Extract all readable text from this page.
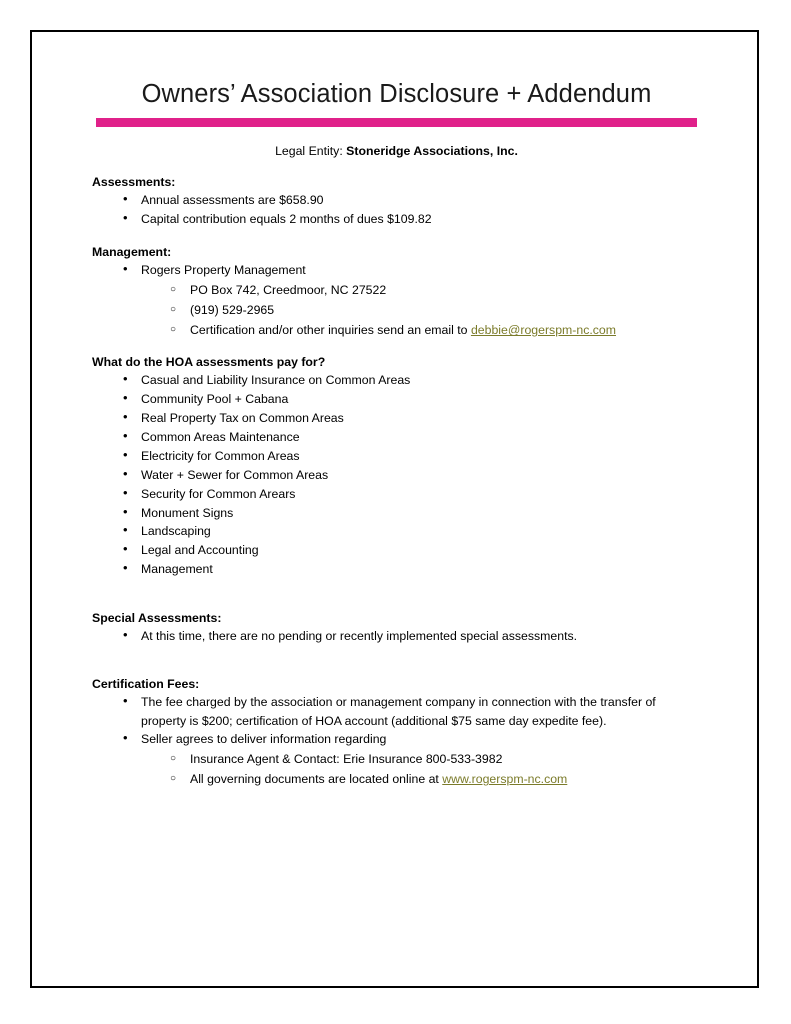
Owners’ Association Disclosure + Addendum
Legal Entity: Stoneridge Associations, Inc.
Assessments:
• Annual assessments are $658.90
• Capital contribution equals 2 months of dues $109.82
Management:
• Rogers Property Management
○ PO Box 742, Creedmoor, NC 27522
○ (919) 529-2965
○ Certification and/or other inquiries send an email to debbie@rogerspm-nc.com
What do the HOA assessments pay for?
• Casual and Liability Insurance on Common Areas
• Community Pool + Cabana
• Real Property Tax on Common Areas
• Common Areas Maintenance
• Electricity for Common Areas
• Water + Sewer for Common Areas
• Security for Common Arears
• Monument Signs
• Landscaping
• Legal and Accounting
• Management
Special Assessments:
• At this time, there are no pending or recently implemented special assessments.
Certification Fees:
• The fee charged by the association or management company in connection with the transfer of property is $200; certification of HOA account (additional $75 same day expedite fee).
• Seller agrees to deliver information regarding
○ Insurance Agent & Contact: Erie Insurance 800-533-3982
○ All governing documents are located online at www.rogerspm-nc.com
